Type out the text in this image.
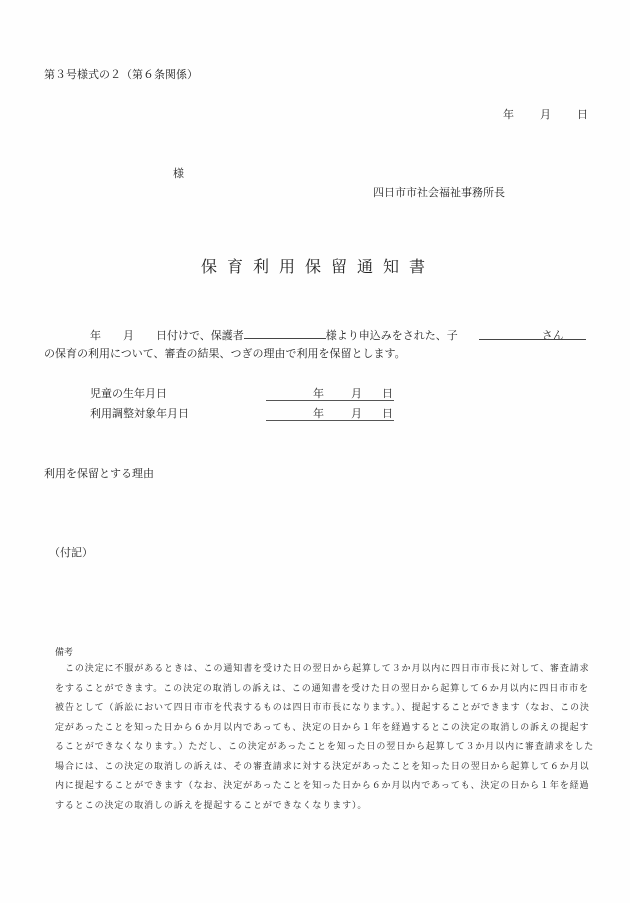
第３号様式の２（第６条関係）
年 月 日
様
四日市市社会福祉事務所長
保育利用保留通知書
年 月 日付けで、保護者	様より申込みをされた、子	さん
の保育の利用について、審査の結果、つぎの理由で利用を保留とします。
児童の生年月日	年 月 日
利用調整対象年月日	年 月 日
利用を保留とする理由
（付記）
備考

この決定に不服があるときは、この通知書を受けた日の翌日から起算して３か月以内に四日市市長に対して、審査請求をすることができます。この決定の取消しの訴えは、この通知書を受けた日の翌日から起算して６か月以内に四日市市を被告として（訴訟において四日市市を代表するものは四日市市長になります。）、提起することができます（なお、この決定があったことを知った日から６か月以内であっても、決定の日から１年を経過するとこの決定の取消しの訴えの提起することができなくなります。）ただし、この決定があったことを知った日の翌日から起算して３か月以内に審査請求をした場合には、この決定の取消しの訴えは、その審査請求に対する決定があったことを知った日の翌日から起算して６か月以内に提起することができます（なお、決定があったことを知った日から６か月以内であっても、決定の日から１年を経過するとこの決定の取消しの訴えを提起することができなくなります）。
